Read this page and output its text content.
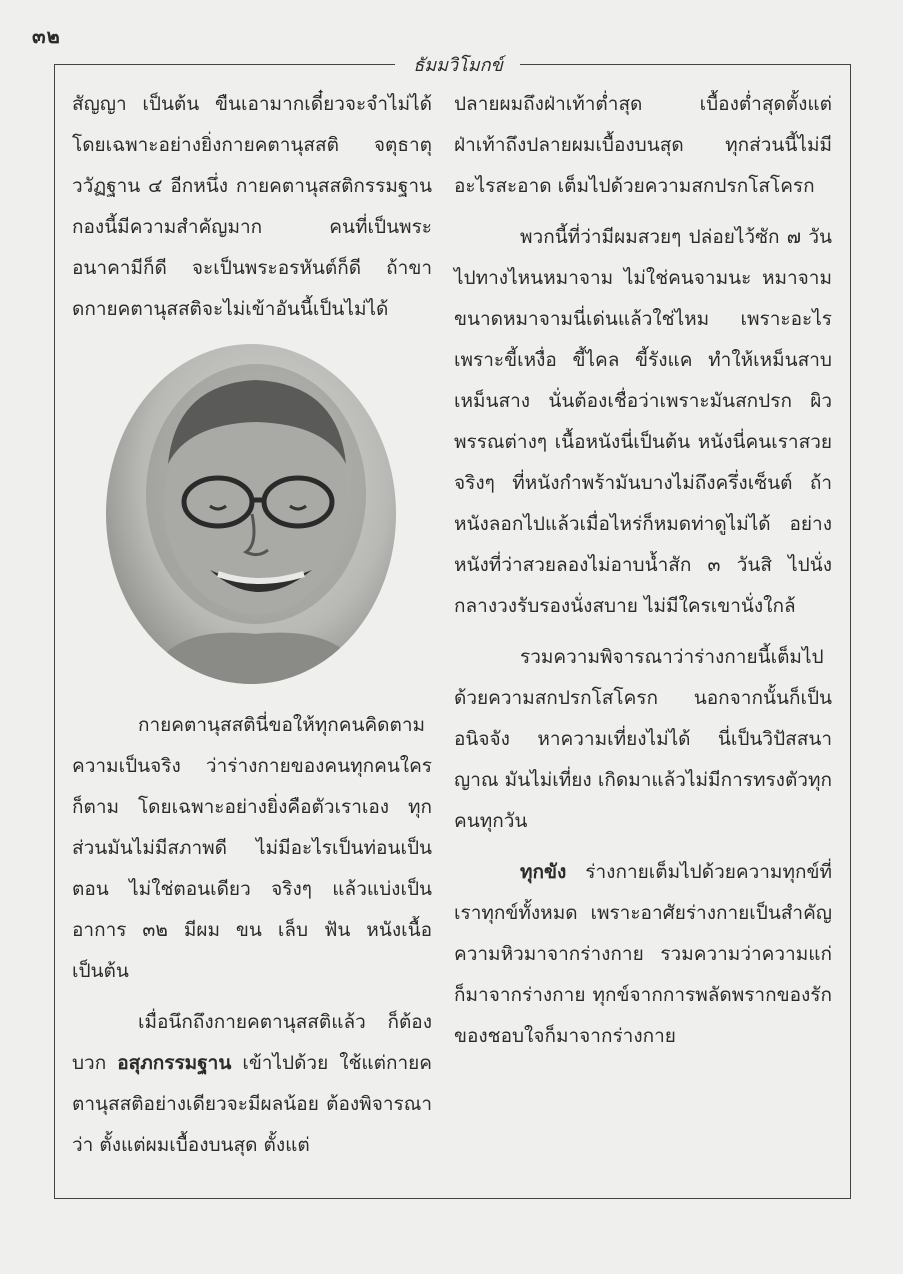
๓๒
ธัมมวิโมกข์

สัญญา เป็นต้น ขืนเอามากเดี๋ยวจะจำไม่ได้ โดยเฉพาะอย่างยิ่งกายคตานุสสติ จตุธาตุววัฏฐาน ๔ อีกหนึ่ง กายคตานุสสติกรรมฐานกองนี้มีความสำคัญมาก คนที่เป็นพระอนาคามีก็ดี จะเป็นพระอรหันต์ก็ดี ถ้าขาดกายคตานุสสติจะไม่เข้าอันนี้เป็นไม่ได้

กายคตานุสสตินี่ขอให้ทุกคนคิดตามความเป็นจริง ว่าร่างกายของคนทุกคนใครก็ตาม โดยเฉพาะอย่างยิ่งคือตัวเราเอง ทุกส่วนมันไม่มีสภาพดี ไม่มีอะไรเป็นท่อนเป็นตอน ไม่ใช่ตอนเดียว จริงๆ แล้วแบ่งเป็นอาการ ๓๒ มีผม ขน เล็บ ฟัน หนังเนื้อ เป็นต้น

เมื่อนึกถึงกายคตานุสสติแล้ว ก็ต้องบวก อสุภกรรมฐาน เข้าไปด้วย ใช้แต่กายคตานุสสติอย่างเดียวจะมีผลน้อย ต้องพิจารณาว่า ตั้งแต่ผมเบื้องบนสุด ตั้งแต่

ปลายผมถึงฝ่าเท้าต่ำสุด เบื้องต่ำสุดตั้งแต่ฝ่าเท้าถึงปลายผมเบื้องบนสุด ทุกส่วนนี้ไม่มีอะไรสะอาด เต็มไปด้วยความสกปรกโสโครก

พวกนี้ที่ว่ามีผมสวยๆ ปล่อยไว้ซัก ๗ วัน ไปทางไหนหมาจาม ไม่ใช่คนจามนะ หมาจาม ขนาดหมาจามนี่เด่นแล้วใช่ไหม เพราะอะไร เพราะขี้เหงื่อ ขี้ไคล ขี้รังแค ทำให้เหม็นสาบเหม็นสาง นั่นต้องเชื่อว่าเพราะมันสกปรก ผิวพรรณต่างๆ เนื้อหนังนี่เป็นต้น หนังนี่คนเราสวยจริงๆ ที่หนังกำพร้ามันบางไม่ถึงครึ่งเซ็นต์ ถ้าหนังลอกไปแล้วเมื่อไหร่ก็หมดท่าดูไม่ได้ อย่างหนังที่ว่าสวยลองไม่อาบน้ำสัก ๓ วันสิ ไปนั่งกลางวงรับรองนั่งสบาย ไม่มีใครเขานั่งใกล้

รวมความพิจารณาว่าร่างกายนี้เต็มไปด้วยความสกปรกโสโครก นอกจากนั้นก็เป็นอนิจจัง หาความเที่ยงไม่ได้ นี่เป็นวิปัสสนาญาณ มันไม่เที่ยง เกิดมาแล้วไม่มีการทรงตัวทุกคนทุกวัน

ทุกขัง ร่างกายเต็มไปด้วยความทุกข์ที่เราทุกข์ทั้งหมด เพราะอาศัยร่างกายเป็นสำคัญ ความหิวมาจากร่างกาย รวมความว่าความแก่ก็มาจากร่างกาย ทุกข์จากการพลัดพรากของรักของชอบใจก็มาจากร่างกาย
